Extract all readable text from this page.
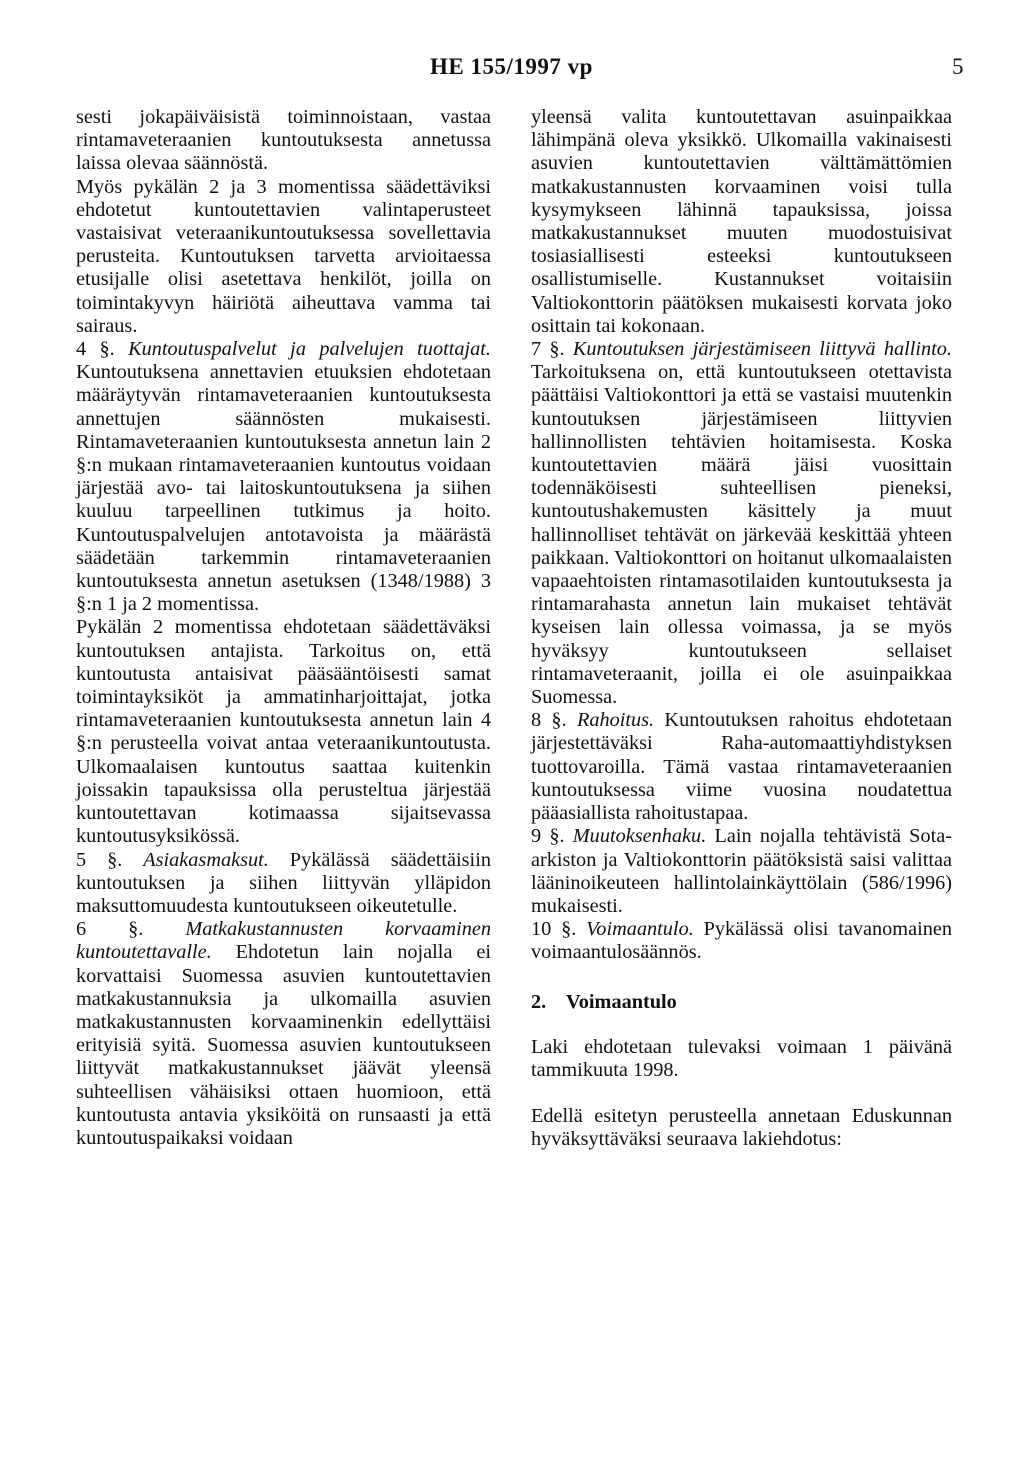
HE 155/1997 vp	5

sesti jokapäiväisistä toiminnoistaan, vastaa rintamaveteraanien kuntoutuksesta annetussa laissa olevaa säännöstä.

Myös pykälän 2 ja 3 momentissa säädettäviksi ehdotetut kuntoutettavien valintaperusteet vastaisivat veteraanikuntoutuksessa sovellettavia perusteita. Kuntoutuksen tarvetta arvioitaessa etusijalle olisi asetettava henkilöt, joilla on toimintakyvyn häiriötä aiheuttava vamma tai sairaus.

4 §. Kuntoutuspalvelut ja palvelujen tuottajat. Kuntoutuksena annettavien etuuksien ehdotetaan määräytyvän rintamaveteraanien kuntoutuksesta annettujen säännösten mukaisesti. Rintamaveteraanien kuntoutuksesta annetun lain 2 §:n mukaan rintamaveteraanien kuntoutus voidaan järjestää avo- tai laitoskuntoutuksena ja siihen kuuluu tarpeellinen tutkimus ja hoito. Kuntoutuspalvelujen antotavoista ja määrästä säädetään tarkemmin rintamaveteraanien kuntoutuksesta annetun asetuksen (1348/1988) 3 §:n 1 ja 2 momentissa.

Pykälän 2 momentissa ehdotetaan säädettäväksi kuntoutuksen antajista. Tarkoitus on, että kuntoutusta antaisivat pääsääntöisesti samat toimintayksiköt ja ammatinharjoittajat, jotka rintamaveteraanien kuntoutuksesta annetun lain 4 §:n perusteella voivat antaa veteraanikuntoutusta. Ulkomaalaisen kuntoutus saattaa kuitenkin joissakin tapauksissa olla perusteltua järjestää kuntoutettavan kotimaassa sijaitsevassa kuntoutusyksikössä.

5 §. Asiakasmaksut. Pykälässä säädettäisiin kuntoutuksen ja siihen liittyvän ylläpidon maksuttomuudesta kuntoutukseen oikeutetulle.

6 §. Matkakustannusten korvaaminen kuntoutettavalle. Ehdotetun lain nojalla ei korvattaisi Suomessa asuvien kuntoutettavien matkakustannuksia ja ulkomailla asuvien matkakustannusten korvaaminenkin edellyttäisi erityisiä syitä. Suomessa asuvien kuntoutukseen liittyvät matkakustannukset jäävät yleensä suhteellisen vähäisiksi ottaen huomioon, että kuntoutusta antavia yksiköitä on runsaasti ja että kuntoutuspaikaksi voidaan

yleensä valita kuntoutettavan asuinpaikkaa lähimpänä oleva yksikkö. Ulkomailla vakinaisesti asuvien kuntoutettavien välttämättömien matkakustannusten korvaaminen voisi tulla kysymykseen lähinnä tapauksissa, joissa matkakustannukset muuten muodostuisivat tosiasiallisesti esteeksi kuntoutukseen osallistumiselle. Kustannukset voitaisiin Valtiokonttorin päätöksen mukaisesti korvata joko osittain tai kokonaan.

7 §. Kuntoutuksen järjestämiseen liittyvä hallinto. Tarkoituksena on, että kuntoutukseen otettavista päättäisi Valtiokonttori ja että se vastaisi muutenkin kuntoutuksen järjestämiseen liittyvien hallinnollisten tehtävien hoitamisesta. Koska kuntoutettavien määrä jäisi vuosittain todennäköisesti suhteellisen pieneksi, kuntoutushakemusten käsittely ja muut hallinnolliset tehtävät on järkevää keskittää yhteen paikkaan. Valtiokonttori on hoitanut ulkomaalaisten vapaaehtoisten rintamasotilaiden kuntoutuksesta ja rintamarahasta annetun lain mukaiset tehtävät kyseisen lain ollessa voimassa, ja se myös hyväksyy kuntoutukseen sellaiset rintamaveteraanit, joilla ei ole asuinpaikkaa Suomessa.

8 §. Rahoitus. Kuntoutuksen rahoitus ehdotetaan järjestettäväksi Raha-automaattiyhdistyksen tuottovaroilla. Tämä vastaa rintamaveteraanien kuntoutuksessa viime vuosina noudatettua pääasiallista rahoitustapaa.

9 §. Muutoksenhaku. Lain nojalla tehtävistä Sota-arkiston ja Valtiokonttorin päätöksistä saisi valittaa lääninoikeuteen hallintolainkäyttölain (586/1996) mukaisesti.

10 §. Voimaantulo. Pykälässä olisi tavanomainen voimaantulosäännös.

2. Voimaantulo

Laki ehdotetaan tulevaksi voimaan 1 päivänä tammikuuta 1998.

Edellä esitetyn perusteella annetaan Eduskunnan hyväksyttäväksi seuraava lakiehdotus:
